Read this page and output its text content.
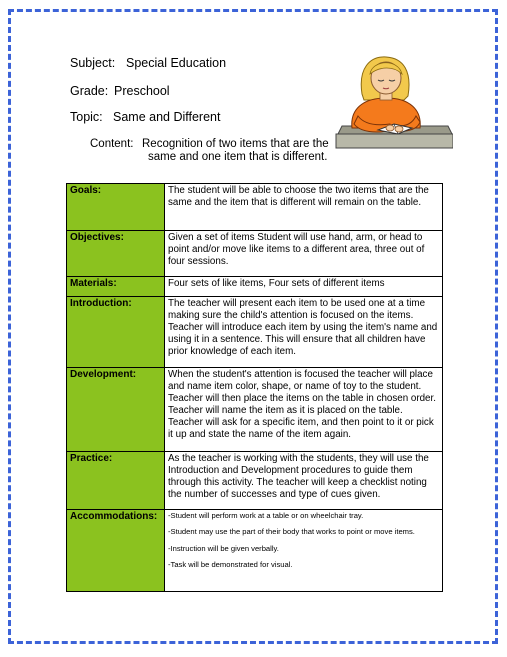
Subject: Special Education
Grade: Preschool
Topic: Same and Different
Content: Recognition of two items that are the
same and one item that is different.
Goals:	The student will be able to choose the two items that are the same and the item that is different will remain on the table.
Objectives:	Given a set of items Student will use hand, arm, or head to point and/or move like items to a different area, three out of four sessions.
Materials:	Four sets of like items, Four sets of different items
Introduction:	The teacher will present each item to be used one at a time making sure the child's attention is focused on the items. Teacher will introduce each item by using the item's name and using it in a sentence. This will ensure that all children have prior knowledge of each item.
Development:	When the student's attention is focused the teacher will place and name item color, shape, or name of toy to the student. Teacher will then place the items on the table in chosen order. Teacher will name the item as it is placed on the table. Teacher will ask for a specific item, and then point to it or pick it up and state the name of the item again.
Practice:	As the teacher is working with the students, they will use the Introduction and Development procedures to guide them through this activity. The teacher will keep a checklist noting the number of successes and type of cues given.
Accommodations:	-Student will perform work at a table or on wheelchair tray.

-Student may use the part of their body that works to point or move items.

-Instruction will be given verbally.

-Task will be demonstrated for visual.
